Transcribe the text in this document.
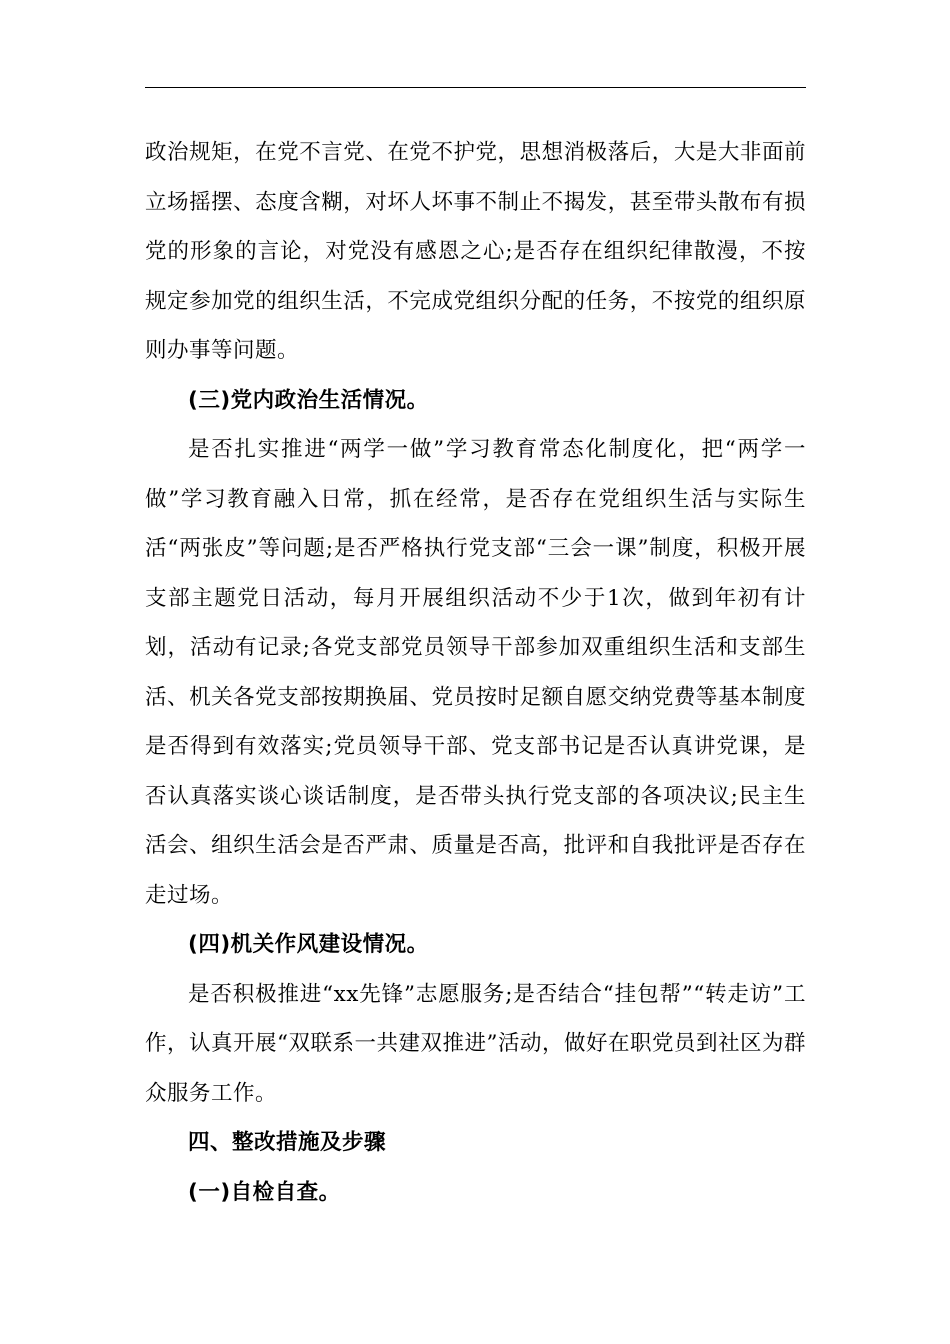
政治规矩，在党不言党、在党不护党，思想消极落后，大是大非面前立场摇摆、态度含糊，对坏人坏事不制止不揭发，甚至带头散布有损党的形象的言论，对党没有感恩之心;是否存在组织纪律散漫，不按规定参加党的组织生活，不完成党组织分配的任务，不按党的组织原则办事等问题。

(三)党内政治生活情况。

是否扎实推进“两学一做”学习教育常态化制度化，把“两学一做”学习教育融入日常，抓在经常，是否存在党组织生活与实际生活“两张皮”等问题;是否严格执行党支部“三会一课”制度，积极开展支部主题党日活动，每月开展组织活动不少于1次，做到年初有计划，活动有记录;各党支部党员领导干部参加双重组织生活和支部生活、机关各党支部按期换届、党员按时足额自愿交纳党费等基本制度是否得到有效落实;党员领导干部、党支部书记是否认真讲党课，是否认真落实谈心谈话制度，是否带头执行党支部的各项决议;民主生活会、组织生活会是否严肃、质量是否高，批评和自我批评是否存在走过场。

(四)机关作风建设情况。

是否积极推进“xx先锋”志愿服务;是否结合“挂包帮”“转走访”工作，认真开展“双联系一共建双推进”活动，做好在职党员到社区为群众服务工作。

四、整改措施及步骤

(一)自检自查。
